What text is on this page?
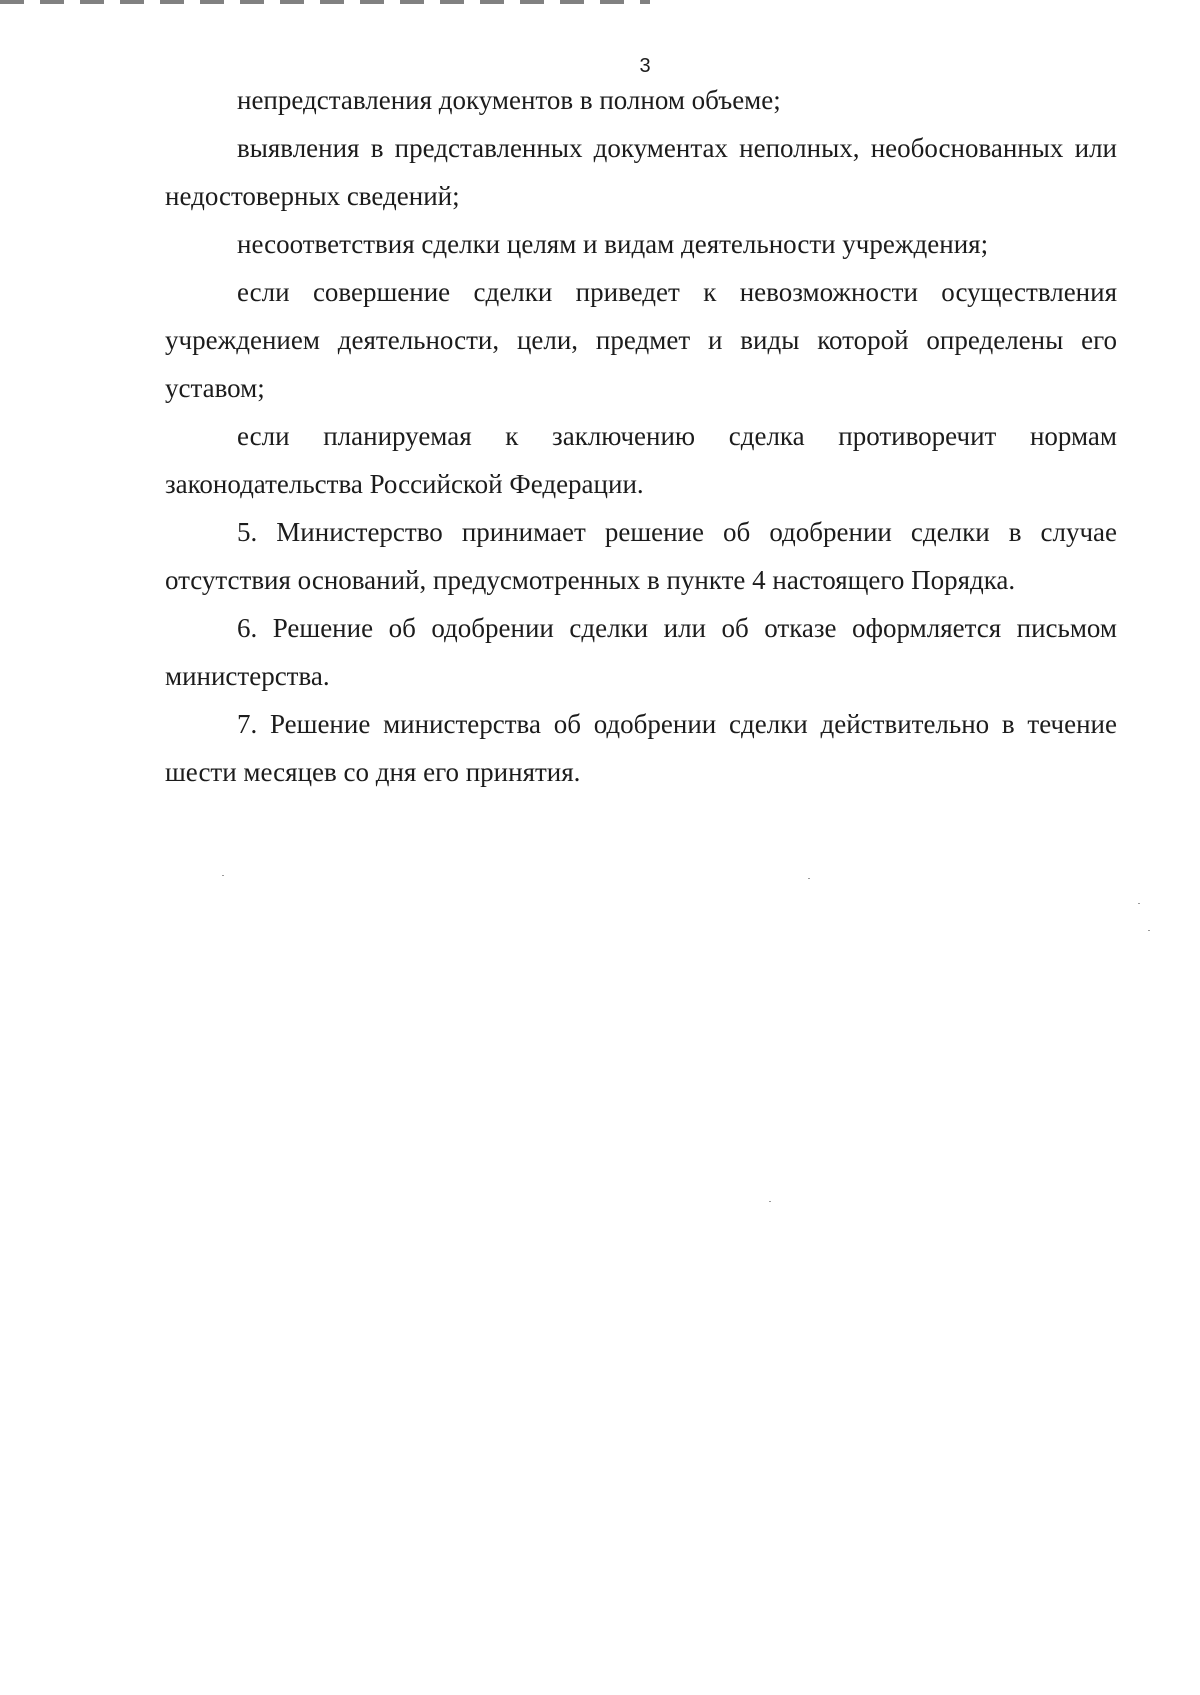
3

непредставления документов в полном объеме;

выявления в представленных документах неполных, необоснованных или недостоверных сведений;

несоответствия сделки целям и видам деятельности учреждения;

если совершение сделки приведет к невозможности осуществления учреждением деятельности, цели, предмет и виды которой определены его уставом;

если планируемая к заключению сделка противоречит нормам законодательства Российской Федерации.

5. Министерство принимает решение об одобрении сделки в случае отсутствия оснований, предусмотренных в пункте 4 настоящего Порядка.

6. Решение об одобрении сделки или об отказе оформляется письмом министерства.

7. Решение министерства об одобрении сделки действительно в течение шести месяцев со дня его принятия.
